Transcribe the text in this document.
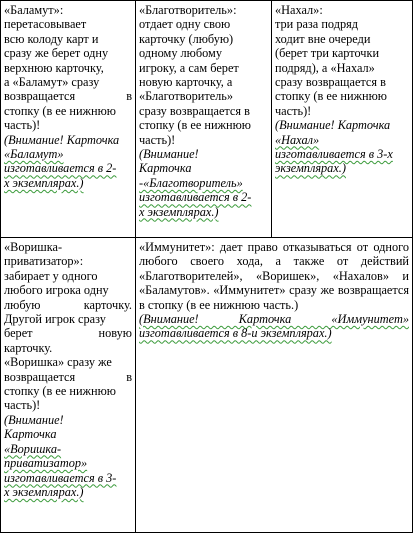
«Баламут»:

перетасовывает

всю колоду карт и

сразу же берет одну

верхнюю карточку,

а «Баламут» сразу

возвращается в

стопку (в ее нижнюю

часть)!

(Внимание! Карточка

«Баламут»

изготавливается в 2-

х экземплярах.)

«Благотворитель»:

отдает одну свою

карточку (любую)

одному любому

игроку, а сам берет

новую карточку, а

«Благотворитель»

сразу возвращается в

стопку (в ее нижнюю

часть)!

(Внимание!

Карточка

-«Благотворитель»

изготавливается в 2-

х экземплярах.)

«Нахал»:

три раза подряд

ходит вне очереди

(берет три карточки

подряд), а «Нахал»

сразу возвращается в

стопку (в ее нижнюю

часть)!

(Внимание! Карточка

«Нахал»

изготавливается в 3-х

экземплярах.)

«Воришка-

приватизатор»:

забирает у одного

любого игрока одну

любую карточку.

Другой игрок сразу

берет новую

карточку.

«Воришка» сразу же

возвращается в

стопку (в ее нижнюю

часть)!

(Внимание!

Карточка

«Воришка-

приватизатор»

изготавливается в 3-

х экземплярах.)

«Иммунитет»: дает право отказываться от одного любого своего хода, а также от действий «Благотворителей», «Воришек», «Нахалов» и «Баламутов». «Иммунитет» сразу же возвращается в стопку (в ее нижнюю часть.)

(Внимание! Карточка «Иммунитет» изготавливается в 8-и экземплярах.)
